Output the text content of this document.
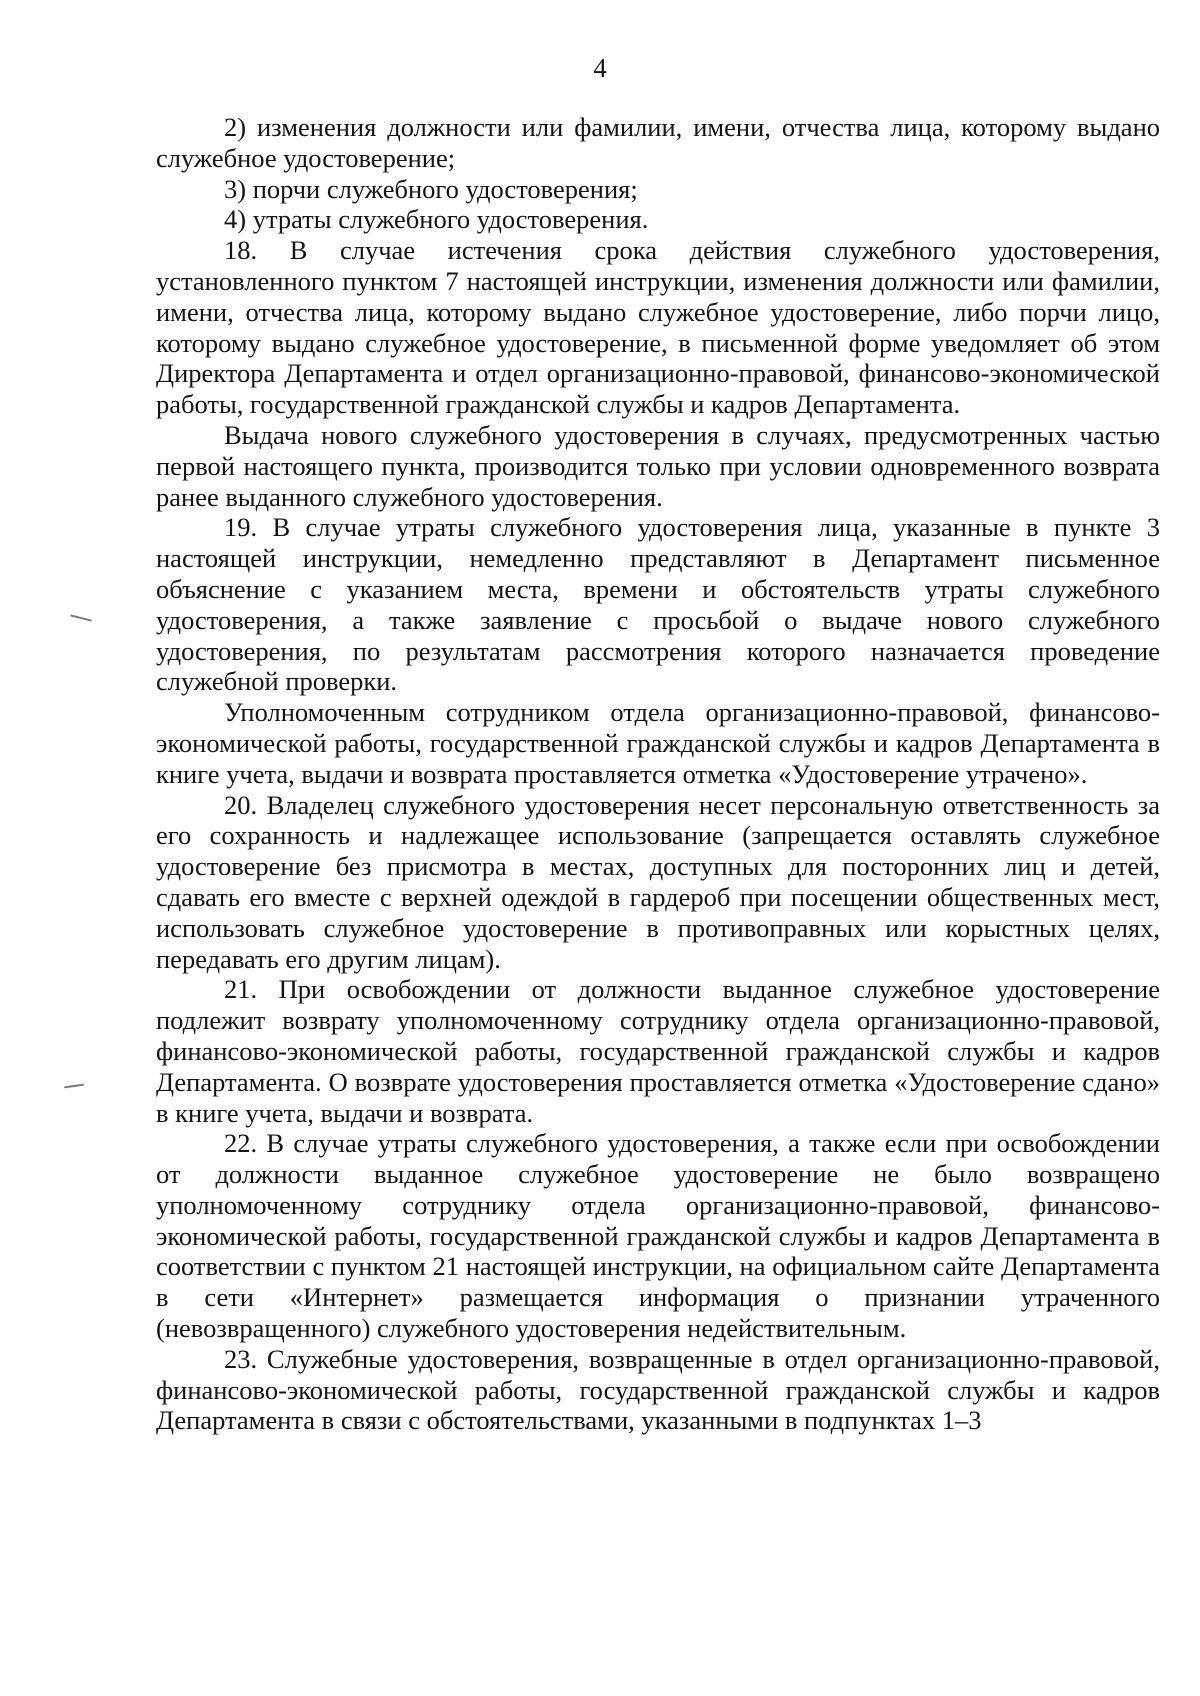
4

2) изменения должности или фамилии, имени, отчества лица, которому выдано служебное удостоверение;

3) порчи служебного удостоверения;

4) утраты служебного удостоверения.

18. В случае истечения срока действия служебного удостоверения, установленного пунктом 7 настоящей инструкции, изменения должности или фамилии, имени, отчества лица, которому выдано служебное удостоверение, либо порчи лицо, которому выдано служебное удостоверение, в письменной форме уведомляет об этом Директора Департамента и отдел организационно-правовой, финансово-экономической работы, государственной гражданской службы и кадров Департамента.

Выдача нового служебного удостоверения в случаях, предусмотренных частью первой настоящего пункта, производится только при условии одновременного возврата ранее выданного служебного удостоверения.

19. В случае утраты служебного удостоверения лица, указанные в пункте 3 настоящей инструкции, немедленно представляют в Департамент письменное объяснение с указанием места, времени и обстоятельств утраты служебного удостоверения, а также заявление с просьбой о выдаче нового служебного удостоверения, по результатам рассмотрения которого назначается проведение служебной проверки.

Уполномоченным сотрудником отдела организационно-правовой, финансово-экономической работы, государственной гражданской службы и кадров Департамента в книге учета, выдачи и возврата проставляется отметка «Удостоверение утрачено».

20. Владелец служебного удостоверения несет персональную ответственность за его сохранность и надлежащее использование (запрещается оставлять служебное удостоверение без присмотра в местах, доступных для посторонних лиц и детей, сдавать его вместе с верхней одеждой в гардероб при посещении общественных мест, использовать служебное удостоверение в противоправных или корыстных целях, передавать его другим лицам).

21. При освобождении от должности выданное служебное удостоверение подлежит возврату уполномоченному сотруднику отдела организационно-правовой, финансово-экономической работы, государственной гражданской службы и кадров Департамента. О возврате удостоверения проставляется отметка «Удостоверение сдано» в книге учета, выдачи и возврата.

22. В случае утраты служебного удостоверения, а также если при освобождении от должности выданное служебное удостоверение не было возвращено уполномоченному сотруднику отдела организационно-правовой, финансово-экономической работы, государственной гражданской службы и кадров Департамента в соответствии с пунктом 21 настоящей инструкции, на официальном сайте Департамента в сети «Интернет» размещается информация о признании утраченного (невозвращенного) служебного удостоверения недействительным.

23. Служебные удостоверения, возвращенные в отдел организационно-правовой, финансово-экономической работы, государственной гражданской службы и кадров Департамента в связи с обстоятельствами, указанными в подпунктах 1–3
